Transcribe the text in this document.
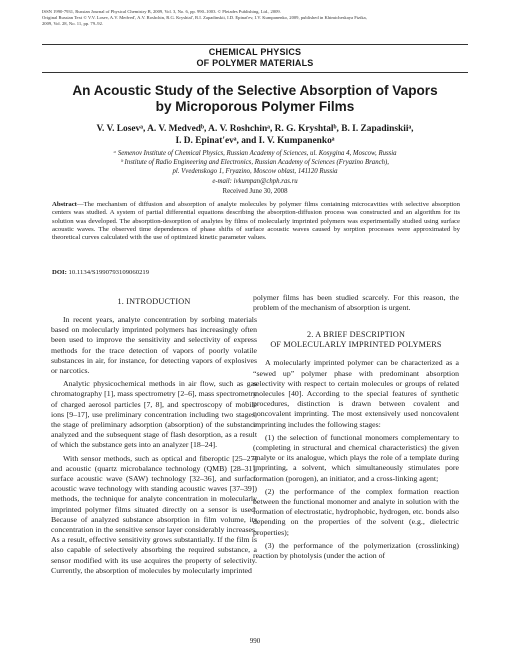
ISSN 1990-7931, Russian Journal of Physical Chemistry B, 2009, Vol. 3, No. 6, pp. 990–1003. © Pleiades Publishing, Ltd., 2009.
Original Russian Text © V.V. Losev, A.V. Medved', A.V. Roshchin, R.G. Kryshtal', B.I. Zapadinskii, I.D. Epinat'ev, I.V. Kumpanenko, 2009, published in Khimicheskaya Fizika,
2009, Vol. 28, No. 11, pp. 79–92.
CHEMICAL PHYSICS
OF POLYMER MATERIALS
An Acoustic Study of the Selective Absorption of Vapors
by Microporous Polymer Films
V. V. Losevᵃ, A. V. Medvedᵇ, A. V. Roshchinᵃ, R. G. Kryshtalᵇ, B. I. Zapadinskiiᵃ,
I. D. Epinat'evᵃ, and I. V. Kumpanenkoᵃ
ᵃ Semenov Institute of Chemical Physics, Russian Academy of Sciences, ul. Kosygina 4, Moscow, Russia
ᵇ Institute of Radio Engineering and Electronics, Russian Academy of Sciences (Fryazino Branch),
pl. Vvedenskogo 1, Fryazino, Moscow oblast, 141120 Russia
e-mail: ivkumpan@chph.ras.ru
Received June 30, 2008
Abstract—The mechanism of diffusion and absorption of analyte molecules by polymer films containing microcavities with selective absorption centers was studied. A system of partial differential equations describing the absorption-diffusion process was constructed and an algorithm for its solution was developed. The absorption-desorption of analytes by films of molecularly imprinted polymers was experimentally studied using surface acoustic waves. The observed time dependences of phase shifts of surface acoustic waves caused by sorption processes were approximated by theoretical curves calculated with the use of optimized kinetic parameter values.
DOI: 10.1134/S1990793109060219
1. INTRODUCTION

In recent years, analyte concentration by sorbing materials based on molecularly imprinted polymers has increasingly often been used to improve the sensitivity and selectivity of express methods for the trace detection of vapors of poorly volatile substances in air, for instance, for detecting vapors of explosives or narcotics.

Analytic physicochemical methods in air flow, such as gas chromatography [1], mass spectrometry [2–6], mass spectrometry of charged aerosol particles [7, 8], and spectroscopy of mobile ions [9–17], use preliminary concentration including two stages, the stage of preliminary adsorption (absorption) of the substance analyzed and the subsequent stage of flash desorption, as a result of which the substance gets into an analyzer [18–24].

With sensor methods, such as optical and fiberoptic [25–27] and acoustic (quartz microbalance technology (QMB) [28–31], surface acoustic wave (SAW) technology [32–36], and surface acoustic wave technology with standing acoustic waves [37–39]) methods, the technique for analyte concentration in molecularly imprinted polymer films situated directly on a sensor is used. Because of analyzed substance absorption in film volume, its concentration in the sensitive sensor layer considerably increases. As a result, effective sensitivity grows substantially. If the film is also capable of selectively absorbing the required substance, a sensor modified with its use acquires the property of selectivity. Currently, the absorption of molecules by molecularly imprinted

polymer films has been studied scarcely. For this reason, the problem of the mechanism of absorption is urgent.

2. A BRIEF DESCRIPTION
OF MOLECULARLY IMPRINTED POLYMERS

A molecularly imprinted polymer can be characterized as a “sewed up” polymer phase with predominant absorption selectivity with respect to certain molecules or groups of related molecules [40]. According to the special features of synthetic procedures, distinction is drawn between covalent and noncovalent imprinting. The most extensively used noncovalent imprinting includes the following stages:

(1) the selection of functional monomers complementary to (completing in structural and chemical characteristics) the given analyte or its analogue, which plays the role of a template during imprinting, a solvent, which simultaneously stimulates pore formation (porogen), an initiator, and a cross-linking agent;

(2) the performance of the complex formation reaction between the functional monomer and analyte in solution with the formation of electrostatic, hydrophobic, hydrogen, etc. bonds also depending on the properties of the solvent (e.g., dielectric properties);

(3) the performance of the polymerization (crosslinking) reaction by photolysis (under the action of

990
